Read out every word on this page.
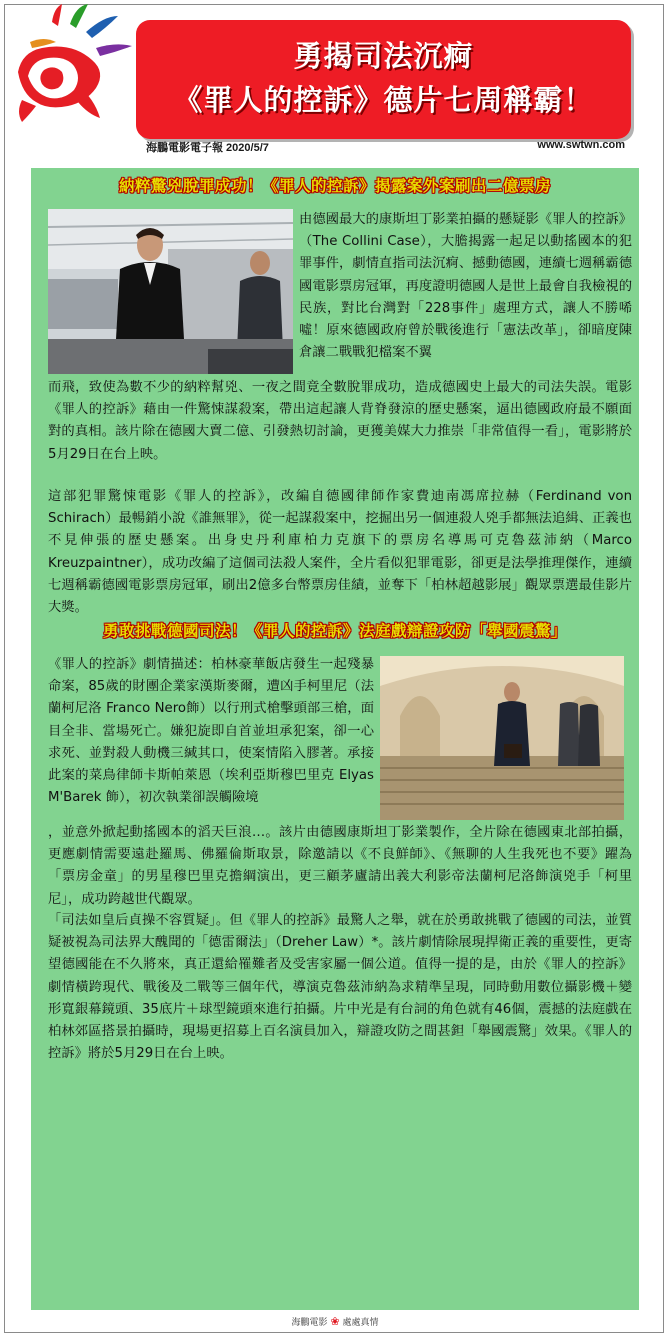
勇揭司法沉痾
《罪人的控訴》德片七周稱霸！
海鵬電影電子報 2020/5/7	www.swtwn.com
納粹驚兇脫罪成功！《罪人的控訴》揭露案外案刷出二億票房
由德國最大的康斯坦丁影業拍攝的懸疑影《罪人的控訴》（The Collini Case），大膽揭露一起足以動搖國本的犯罪事件，劇情直指司法沉痾、撼動德國，連續七週稱霸德國電影票房冠軍，再度證明德國人是世上最會自我檢視的民族，對比台灣對「228事件」處理方式，讓人不勝唏噓！原來德國政府曾於戰後進行「憲法改革」，卻暗度陳倉讓二戰戰犯檔案不翼
而飛，致使為數不少的納粹幫兇、一夜之間竟全數脫罪成功，造成德國史上最大的司法失誤。電影《罪人的控訴》藉由一件驚悚謀殺案，帶出這起讓人背脊發涼的歷史懸案，逼出德國政府最不願面對的真相。該片除在德國大賣二億、引發熱切討論，更獲美媒大力推崇「非常值得一看」，電影將於5月29日在台上映。
這部犯罪驚悚電影《罪人的控訴》，改編自德國律師作家費迪南馮席拉赫（Ferdinand von Schirach）最暢銷小說《誰無罪》，從一起謀殺案中，挖掘出另一個連殺人兇手都無法追緝、正義也不見伸張的歷史懸案。出身史丹利庫柏力克旗下的票房名導馬可克魯茲沛納（Marco Kreuzpaintner），成功改編了這個司法殺人案件，全片看似犯罪電影，卻更是法學推理傑作，連續七週稱霸德國電影票房冠軍，刷出2億多台幣票房佳績，並奪下「柏林超越影展」觀眾票選最佳影片大獎。
勇敢挑戰德國司法！《罪人的控訴》法庭戲辯證攻防「舉國震驚」
《罪人的控訴》劇情描述：柏林豪華飯店發生一起殘暴命案，85歲的財團企業家漢斯麥爾，遭凶手柯里尼（法蘭柯尼洛 Franco Nero飾）以行刑式槍擊頭部三槍，面目全非、當場死亡。嫌犯旋即自首並坦承犯案，卻一心求死、並對殺人動機三緘其口，使案情陷入膠著。承接此案的菜鳥律師卡斯帕萊恩（埃利亞斯穆巴里克 Elyas M'Barek 飾），初次執業卻誤觸險境
，並意外掀起動搖國本的滔天巨浪…。該片由德國康斯坦丁影業製作，全片除在德國東北部拍攝，更應劇情需要遠赴羅馬、佛羅倫斯取景，除邀請以《不良鮮師》、《無聊的人生我死也不要》躍為「票房金童」的男星穆巴里克擔綱演出，更三顧茅廬請出義大利影帝法蘭柯尼洛飾演兇手「柯里尼」，成功跨越世代觀眾。
「司法如皇后貞操不容質疑」。但《罪人的控訴》最驚人之舉，就在於勇敢挑戰了德國的司法，並質疑被視為司法界大醜聞的「德雷爾法」（Dreher Law）*。該片劇情除展現捍衛正義的重要性，更寄望德國能在不久將來，真正還給罹難者及受害家屬一個公道。值得一提的是，由於《罪人的控訴》劇情橫跨現代、戰後及二戰等三個年代，導演克魯茲沛納為求精準呈現，同時動用數位攝影機＋變形寬銀幕鏡頭、35底片＋球型鏡頭來進行拍攝。片中光是有台詞的角色就有46個，震撼的法庭戲在柏林郊區搭景拍攝時，現場更招募上百名演員加入，辯證攻防之間甚鉭「舉國震驚」效果。《罪人的控訴》將於5月29日在台上映。
海鵬電影 ❀ 處處真情
